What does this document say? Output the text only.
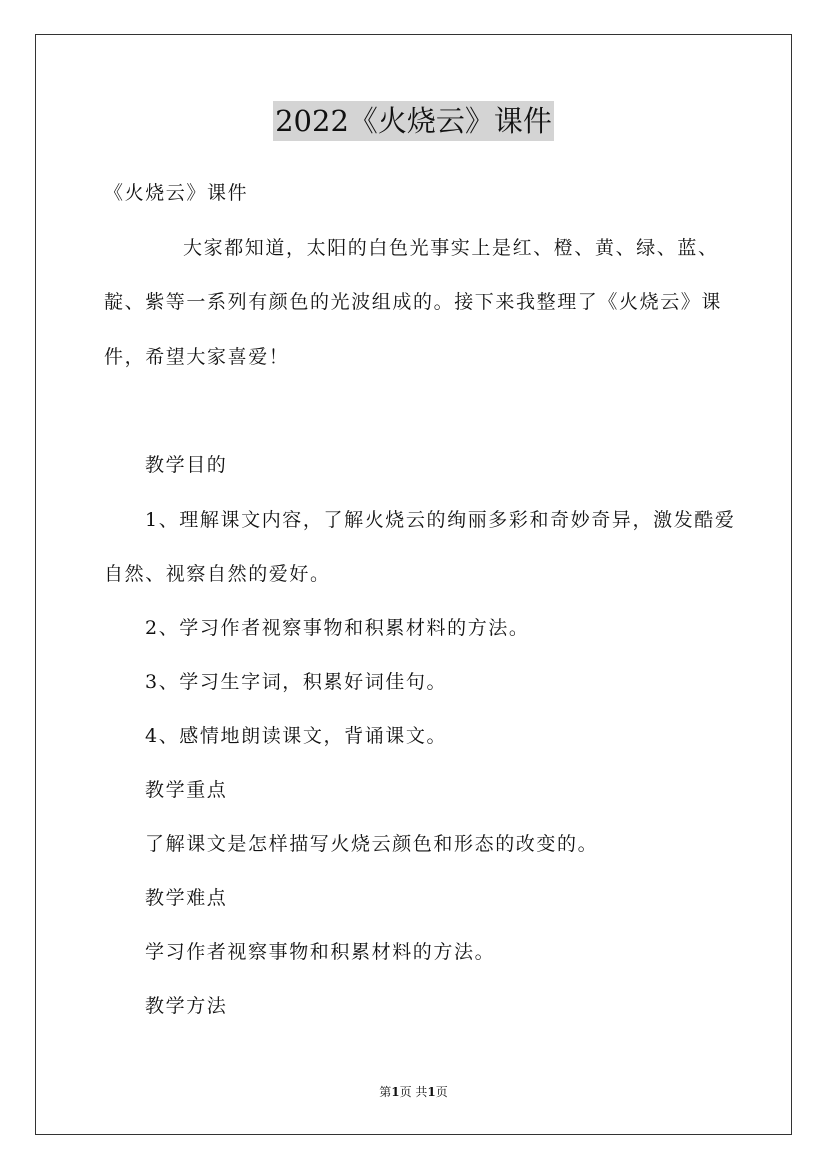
2022《火烧云》课件
《火烧云》课件
大家都知道，太阳的白色光事实上是红、橙、黄、绿、蓝、
靛、紫等一系列有颜色的光波组成的。接下来我整理了《火烧云》课
件，希望大家喜爱！
教学目的
1、理解课文内容，了解火烧云的绚丽多彩和奇妙奇异，激发酷爱
自然、视察自然的爱好。
2、学习作者视察事物和积累材料的方法。
3、学习生字词，积累好词佳句。
4、感情地朗读课文，背诵课文。
教学重点
了解课文是怎样描写火烧云颜色和形态的改变的。
教学难点
学习作者视察事物和积累材料的方法。
教学方法
第1页 共1页
